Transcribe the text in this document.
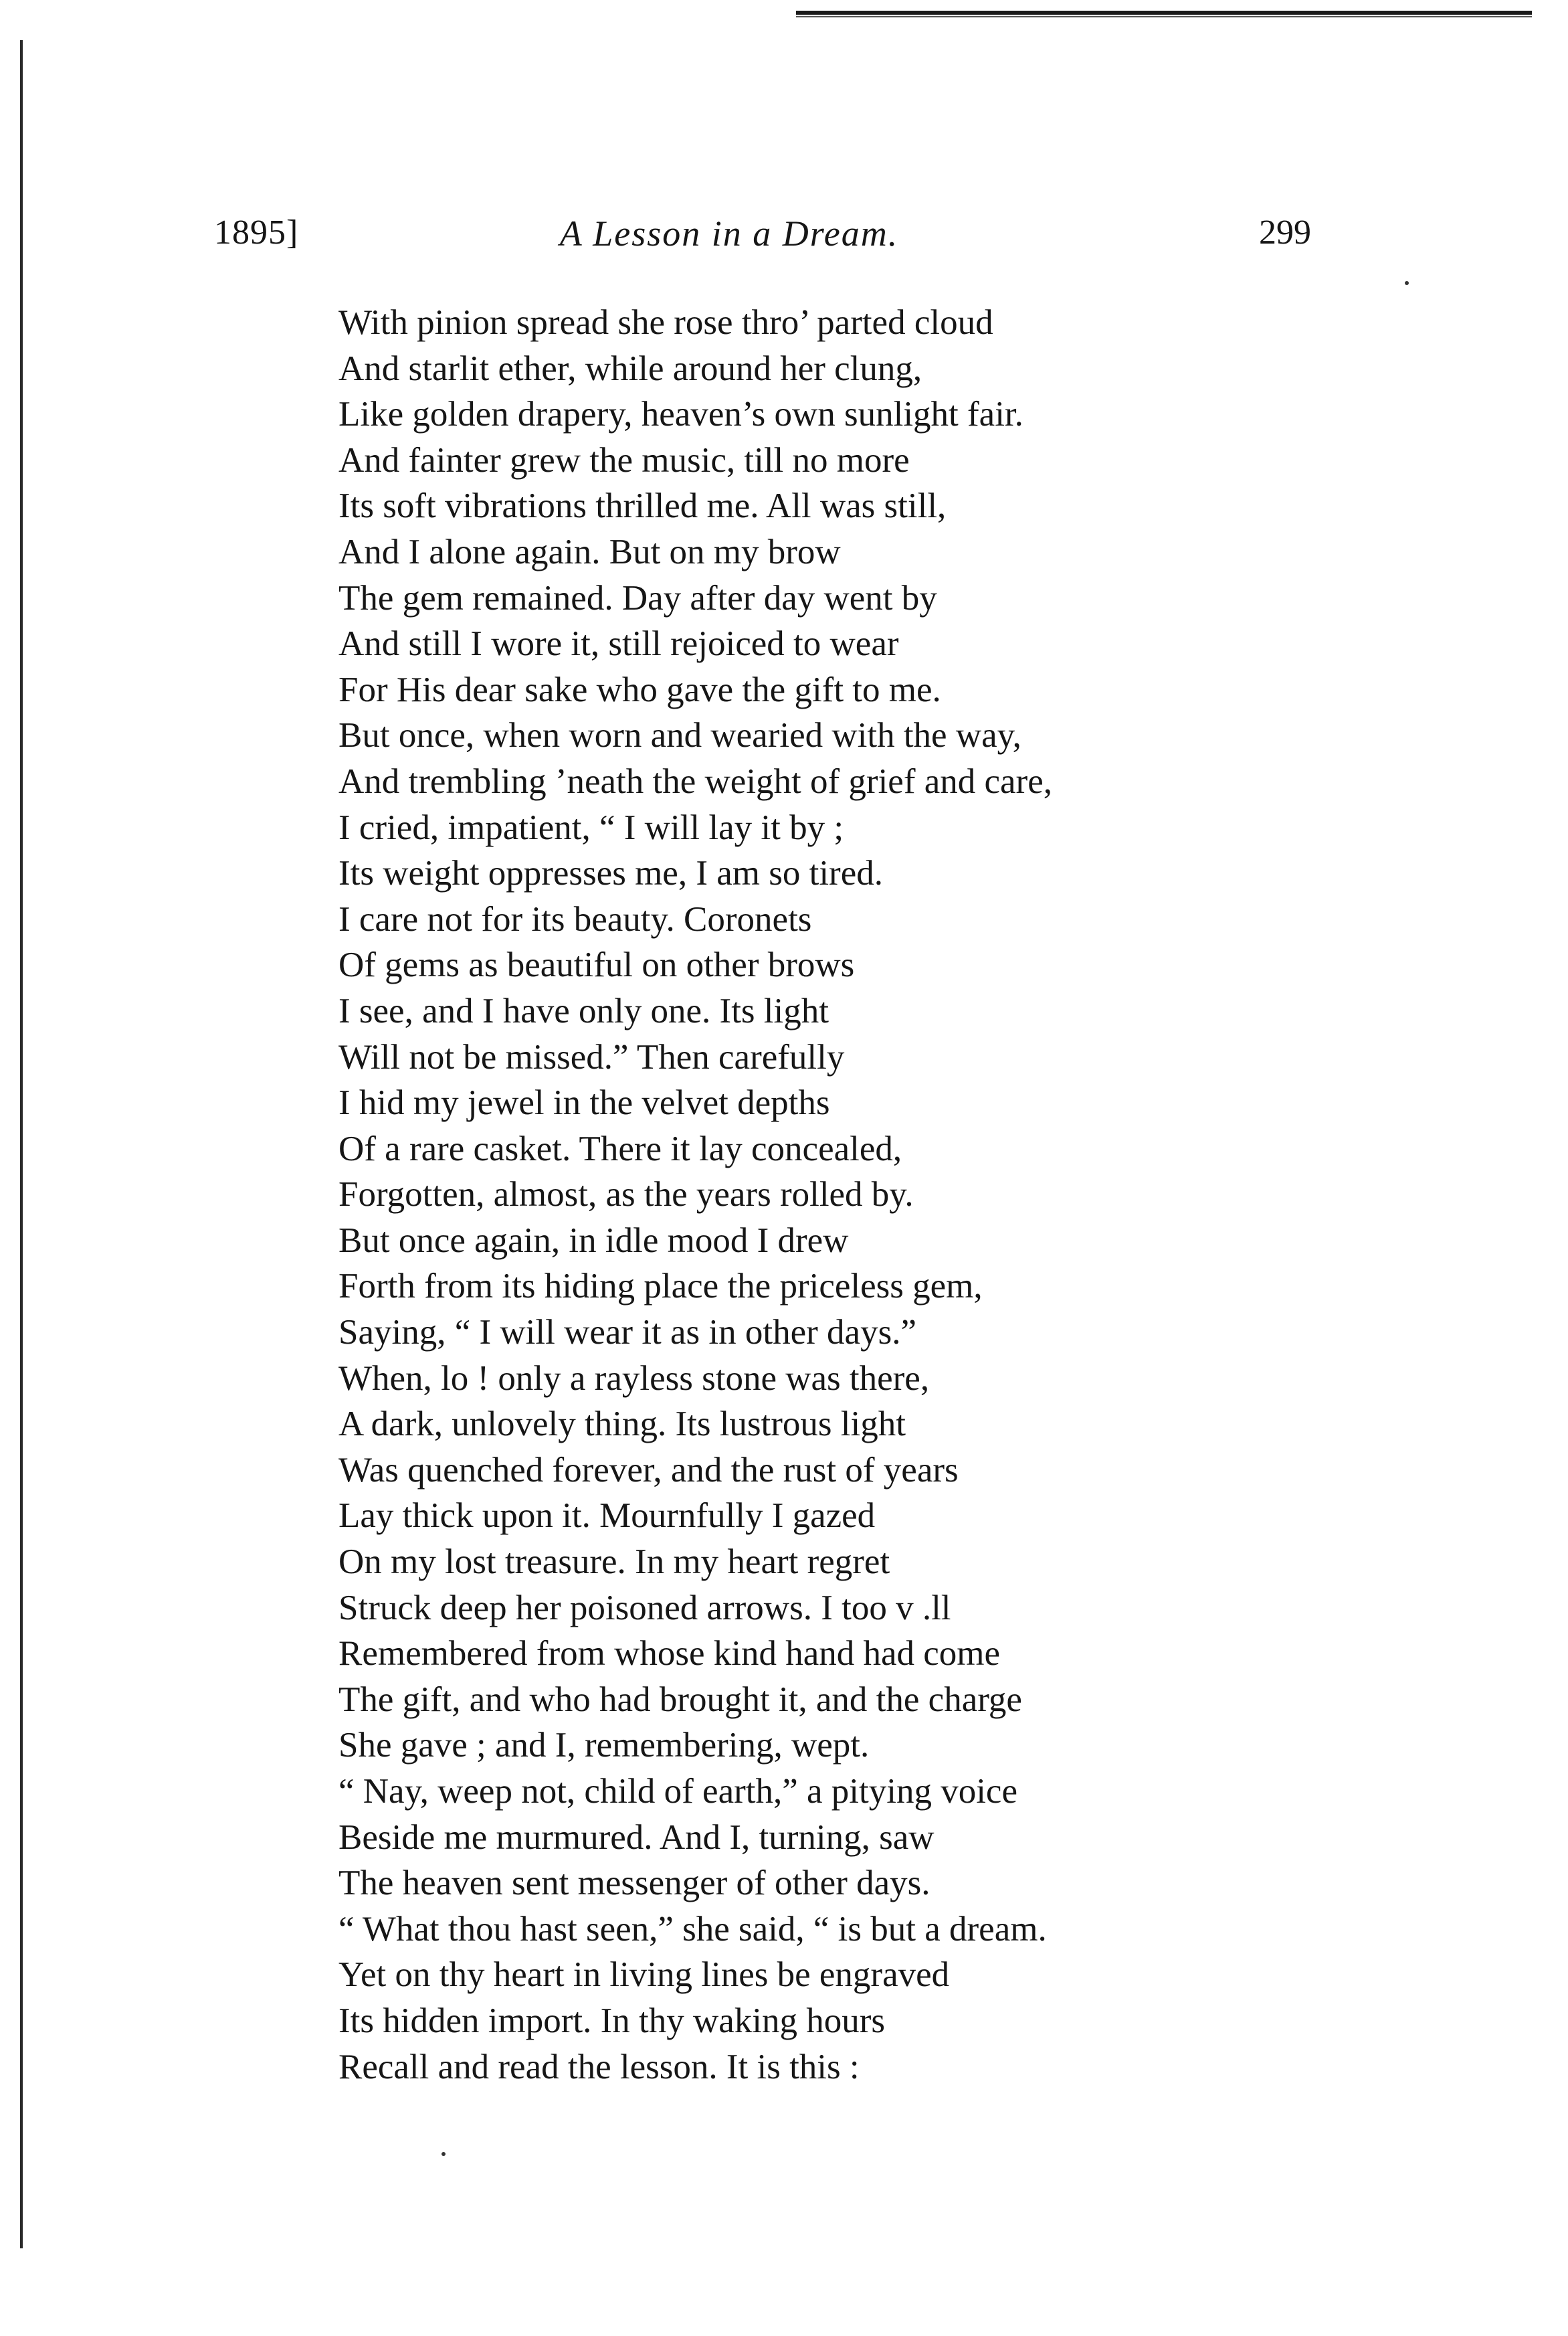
1895]	A Lesson in a Dream.	299
With pinion spread she rose thro’ parted cloud
And starlit ether, while around her clung,
Like golden drapery, heaven’s own sunlight fair.
And fainter grew the music, till no more
Its soft vibrations thrilled me. All was still,
And I alone again. But on my brow
The gem remained. Day after day went by
And still I wore it, still rejoiced to wear
For His dear sake who gave the gift to me.
But once, when worn and wearied with the way,
And trembling ’neath the weight of grief and care,
I cried, impatient, “ I will lay it by ;
Its weight oppresses me, I am so tired.
I care not for its beauty. Coronets
Of gems as beautiful on other brows
I see, and I have only one. Its light
Will not be missed.” Then carefully
I hid my jewel in the velvet depths
Of a rare casket. There it lay concealed,
Forgotten, almost, as the years rolled by.
But once again, in idle mood I drew
Forth from its hiding place the priceless gem,
Saying, “ I will wear it as in other days.”
When, lo ! only a rayless stone was there,
A dark, unlovely thing. Its lustrous light
Was quenched forever, and the rust of years
Lay thick upon it. Mournfully I gazed
On my lost treasure. In my heart regret
Struck deep her poisoned arrows. I too v .ll
Remembered from whose kind hand had come
The gift, and who had brought it, and the charge
She gave ; and I, remembering, wept.
“ Nay, weep not, child of earth,” a pitying voice
Beside me murmured. And I, turning, saw
The heaven sent messenger of other days.
“ What thou hast seen,” she said, “ is but a dream.
Yet on thy heart in living lines be engraved
Its hidden import. In thy waking hours
Recall and read the lesson. It is this :
